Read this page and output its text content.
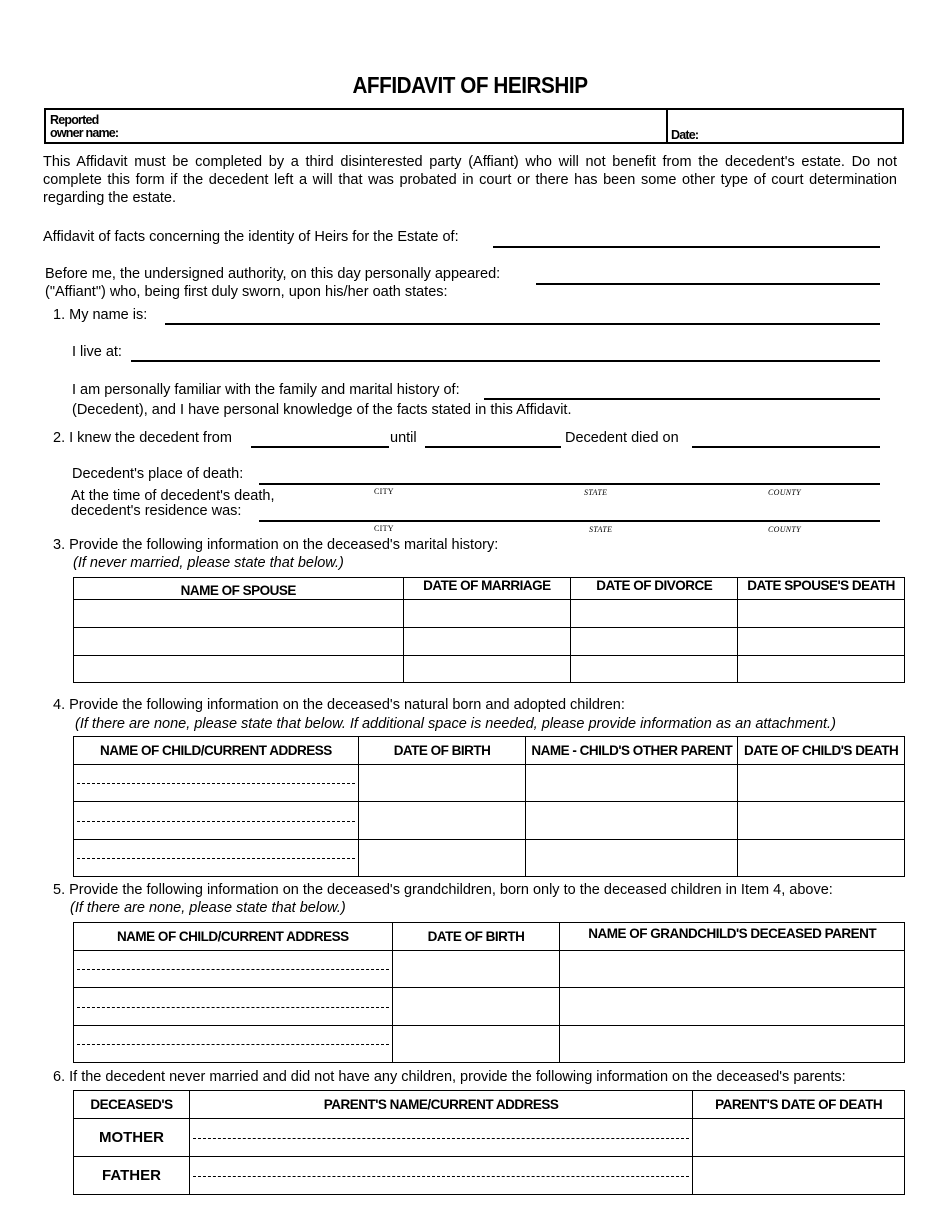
AFFIDAVIT OF HEIRSHIP
Reported
owner name:	Date:
This Affidavit must be completed by a third disinterested party (Affiant) who will not benefit from the decedent's estate. Do not complete this form if the decedent left a will that was probated in court or there has been some other type of court determination regarding the estate.
Affidavit of facts concerning the identity of Heirs for the Estate of:
Before me, the undersigned authority, on this day personally appeared:
("Affiant") who, being first duly sworn, upon his/her oath states:
1. My name is:
I live at:
I am personally familiar with the family and marital history of:
(Decedent), and I have personal knowledge of the facts stated in this Affidavit.
2. I knew the decedent from	until	Decedent died on
Decedent's place of death:
CITY	STATE	COUNTY
At the time of decedent's death,
decedent's residence was:
CITY	STATE	COUNTY
3. Provide the following information on the deceased's marital history:
(If never married, please state that below.)
NAME OF SPOUSE	DATE OF MARRIAGE	DATE OF DIVORCE	DATE SPOUSE'S DEATH

4. Provide the following information on the deceased's natural born and adopted children:
(If there are none, please state that below. If additional space is needed, please provide information as an attachment.)
NAME OF CHILD/CURRENT ADDRESS	DATE OF BIRTH	NAME - CHILD'S OTHER PARENT	DATE OF CHILD'S DEATH

5. Provide the following information on the deceased's grandchildren, born only to the deceased children in Item 4, above:
(If there are none, please state that below.)
NAME OF CHILD/CURRENT ADDRESS	DATE OF BIRTH	NAME OF GRANDCHILD'S DECEASED PARENT

6. If the decedent never married and did not have any children, provide the following information on the deceased's parents:
DECEASED'S	PARENT'S NAME/CURRENT ADDRESS	PARENT'S DATE OF DEATH
MOTHER	

FATHER	
